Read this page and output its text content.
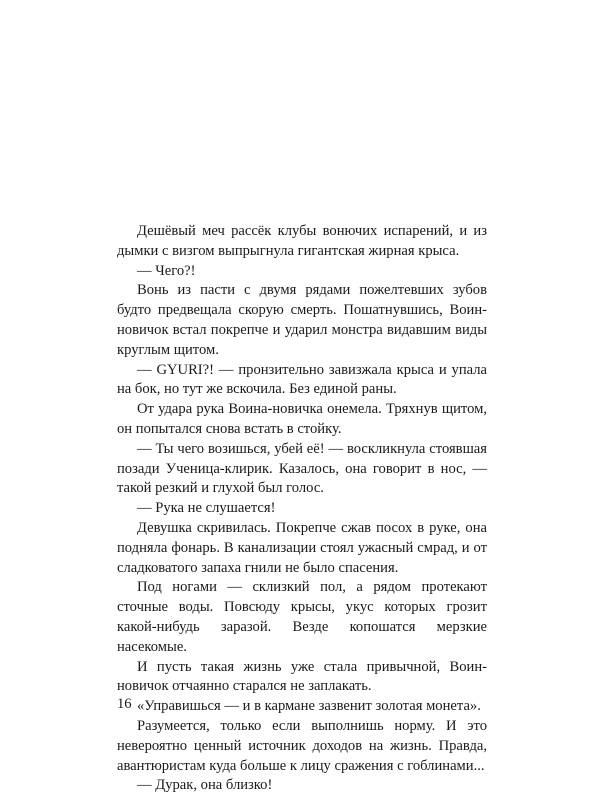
Дешёвый меч рассёк клубы вонючих испарений, и из дымки с визгом выпрыгнула гигантская жирная крыса.

— Чего?!

Вонь из пасти с двумя рядами пожелтевших зубов будто предвещала скорую смерть. Пошатнувшись, Воин-новичок встал покрепче и ударил монстра видавшим виды круглым щитом.

— GYURI?! — пронзительно завизжала крыса и упала на бок, но тут же вскочила. Без единой раны.

От удара рука Воина-новичка онемела. Тряхнув щитом, он попытался снова встать в стойку.

— Ты чего возишься, убей её! — воскликнула стоявшая позади Ученица-клирик. Казалось, она говорит в нос, — такой резкий и глухой был голос.

— Рука не слушается!

Девушка скривилась. Покрепче сжав посох в руке, она подняла фонарь. В канализации стоял ужасный смрад, и от сладковатого запаха гнили не было спасения.

Под ногами — склизкий пол, а рядом протекают сточные воды. Повсюду крысы, укус которых грозит какой-нибудь заразой. Везде копошатся мерзкие насекомые.

И пусть такая жизнь уже стала привычной, Воин-новичок отчаянно старался не заплакать.

«Управишься — и в кармане зазвенит золотая монета».

Разумеется, только если выполнишь норму. И это невероятно ценный источник доходов на жизнь. Правда, авантюристам куда больше к лицу сражения с гоблинами...

— Дурак, она близко!

16
